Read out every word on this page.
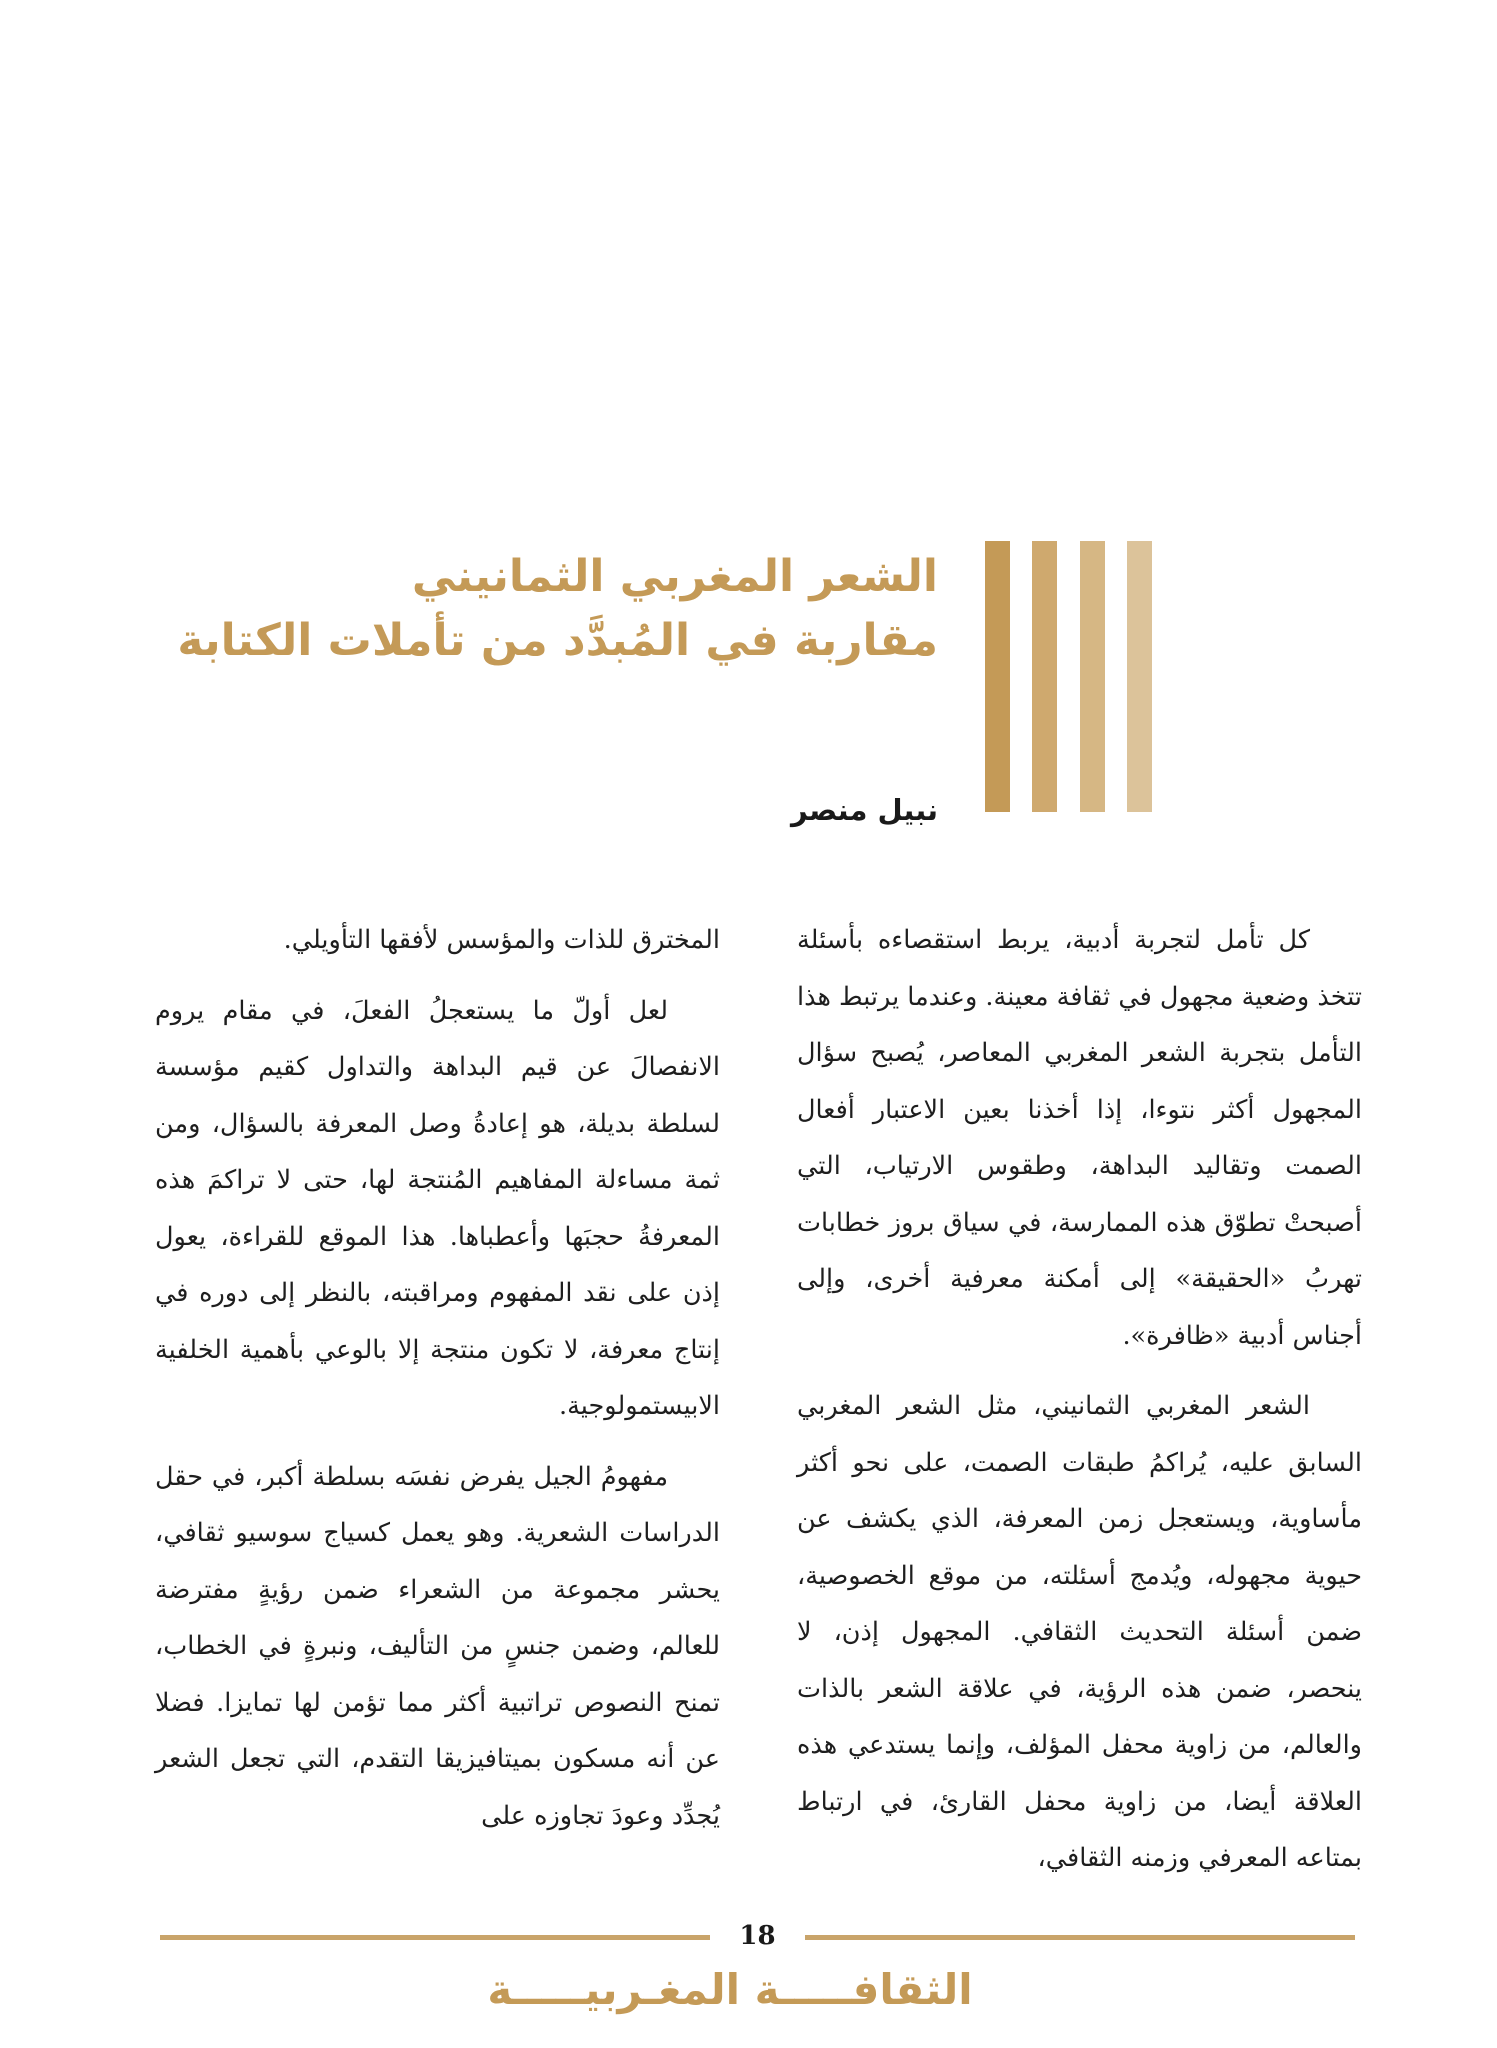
الشعر المغربي الثمانيني
مقاربة في المُبدَّد من تأملات الكتابة
نبيل منصر

كل تأمل لتجربة أدبية، يربط استقصاءه بأسئلة تتخذ وضعية مجهول في ثقافة معينة. وعندما يرتبط هذا التأمل بتجربة الشعر المغربي المعاصر، يُصبح سؤال المجهول أكثر نتوءا، إذا أخذنا بعين الاعتبار أفعال الصمت وتقاليد البداهة، وطقوس الارتياب، التي أصبحتْ تطوّق هذه الممارسة، في سياق بروز خطابات تهربُ «الحقيقة» إلى أمكنة معرفية أخرى، وإلى أجناس أدبية «ظافرة».

الشعر المغربي الثمانيني، مثل الشعر المغربي السابق عليه، يُراكمُ طبقات الصمت، على نحو أكثر مأساوية، ويستعجل زمن المعرفة، الذي يكشف عن حيوية مجهوله، ويُدمج أسئلته، من موقع الخصوصية، ضمن أسئلة التحديث الثقافي. المجهول إذن، لا ينحصر، ضمن هذه الرؤية، في علاقة الشعر بالذات والعالم، من زاوية محفل المؤلف، وإنما يستدعي هذه العلاقة أيضا، من زاوية محفل القارئ، في ارتباط بمتاعه المعرفي وزمنه الثقافي،

المخترق للذات والمؤسس لأفقها التأويلي.

لعل أولّ ما يستعجلُ الفعلَ، في مقام يروم الانفصالَ عن قيم البداهة والتداول كقيم مؤسسة لسلطة بديلة، هو إعادةُ وصل المعرفة بالسؤال، ومن ثمة مساءلة المفاهيم المُنتجة لها، حتى لا تراكمَ هذه المعرفةُ حجبَها وأعطباها. هذا الموقع للقراءة، يعول إذن على نقد المفهوم ومراقبته، بالنظر إلى دوره في إنتاج معرفة، لا تكون منتجة إلا بالوعي بأهمية الخلفية الابيستمولوجية.

مفهومُ الجيل يفرض نفسَه بسلطة أكبر، في حقل الدراسات الشعرية. وهو يعمل كسياج سوسيو ثقافي، يحشر مجموعة من الشعراء ضمن رؤيةٍ مفترضة للعالم، وضمن جنسٍ من التأليف، ونبرةٍ في الخطاب، تمنح النصوص تراتبية أكثر مما تؤمن لها تمايزا. فضلا عن أنه مسكون بميتافيزيقا التقدم، التي تجعل الشعر يُجدِّد وعودَ تجاوزه على

18
الثقافـــــة المغـربيـــــة
